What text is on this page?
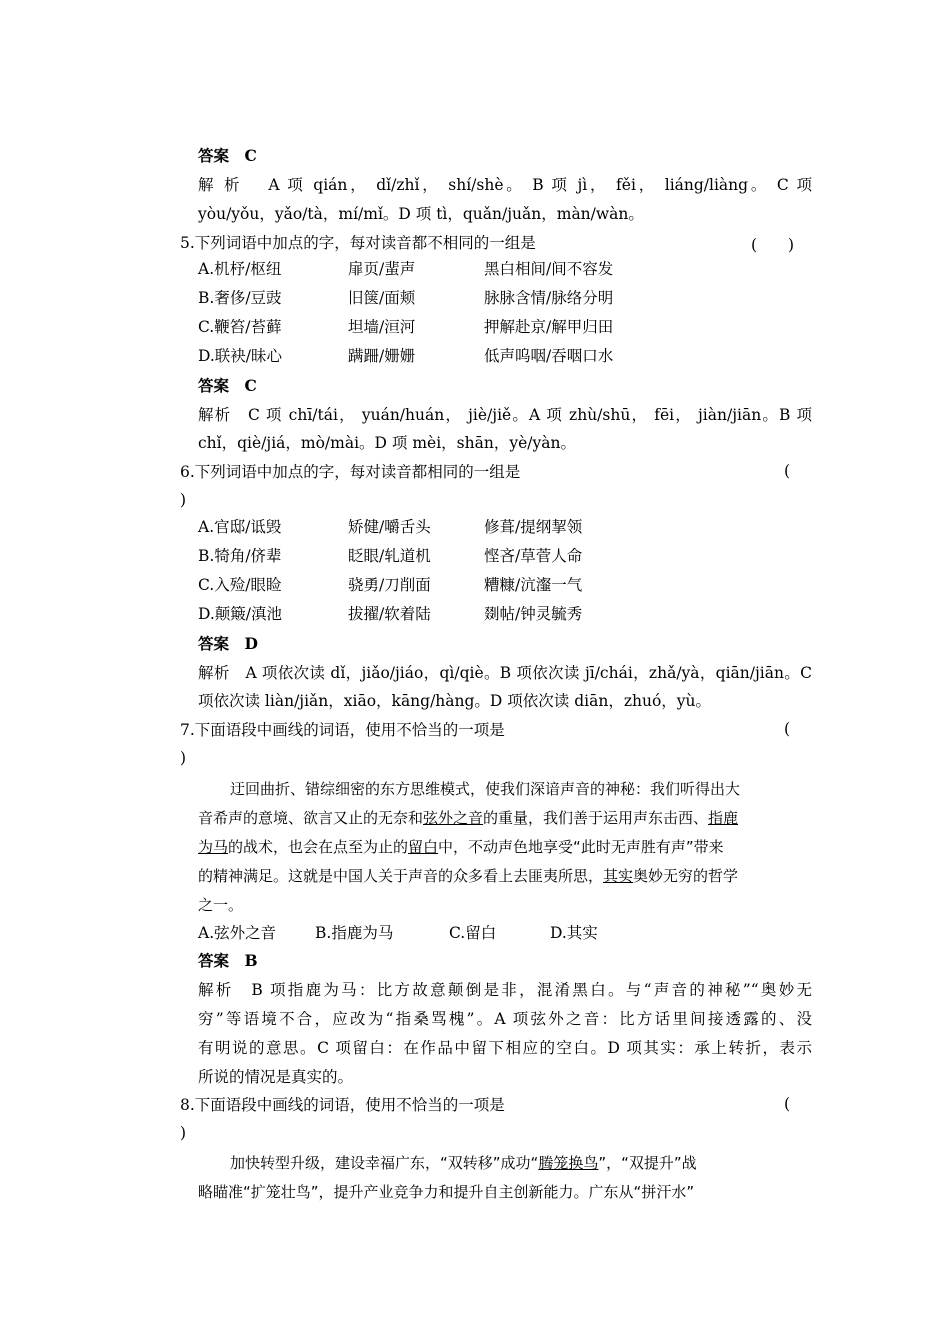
答案　C
解 析　 A 项 qián， dǐ/zhǐ， shí/shè。 B 项 jì， fěi， liáng/liàng。 C 项
yòu/yǒu，yǎo/tà，mí/mǐ。D 项 tì，quǎn/juǎn，màn/wàn。
5.下列词语中加点的字，每对读音都不相同的一组是	(　　)
A.机杼/枢纽	扉页/蜚声	黑白相间/间不容发
B.奢侈/豆豉	旧箧/面颊	脉脉含情/脉络分明
C.鞭笞/苔藓	坦墙/洹河	押解赴京/解甲归田
D.联袂/昧心	蹒跚/姗姗	低声呜咽/吞咽口水
答案　C
解析　C 项 chī/tái， yuán/huán， jiè/jiě。A 项 zhù/shū， fēi， jiàn/jiān。B 项
chǐ，qiè/jiá，mò/mài。D 项 mèi，shān，yè/yàn。
6.下列词语中加点的字，每对读音都相同的一组是	(
)
A.官邸/诋毁	矫健/嚼舌头	修葺/提纲挈领
B.犄角/侪辈	眨眼/轧道机	悭吝/草菅人命
C.入殓/眼睑	骁勇/刀削面	糟糠/沆瀣一气
D.颠簸/滇池	拔擢/软着陆	剟帖/钟灵毓秀
答案　D
解析　A 项依次读 dǐ，jiǎo/jiáo，qì/qiè。B 项依次读 jī/chái，zhǎ/yà，qiān/jiān。C
项依次读 liàn/jiǎn，xiāo，kāng/hàng。D 项依次读 diān，zhuó，yù。
7.下面语段中画线的词语，使用不恰当的一项是	(
)
迂回曲折、错综细密的东方思维模式，使我们深谙声音的神秘：我们听得出大
音希声的意境、欲言又止的无奈和弦外之音的重量，我们善于运用声东击西、指鹿
为马的战术，也会在点至为止的留白中，不动声色地享受“此时无声胜有声”带来
的精神满足。这就是中国人关于声音的众多看上去匪夷所思，其实奥妙无穷的哲学
之一。
A.弦外之音	B.指鹿为马	C.留白	D.其实
答案　B
解析　B 项指鹿为马：比方故意颠倒是非，混淆黑白。与“声音的神秘”“奥妙无
穷”等语境不合，应改为“指桑骂槐”。A 项弦外之音：比方话里间接透露的、没
有明说的意思。C 项留白：在作品中留下相应的空白。D 项其实：承上转折，表示
所说的情况是真实的。
8.下面语段中画线的词语，使用不恰当的一项是	(
)
加快转型升级，建设幸福广东，“双转移”成功“腾笼换鸟”，“双提升”战
略瞄准“扩笼壮鸟”，提升产业竞争力和提升自主创新能力。广东从“拼汗水”
